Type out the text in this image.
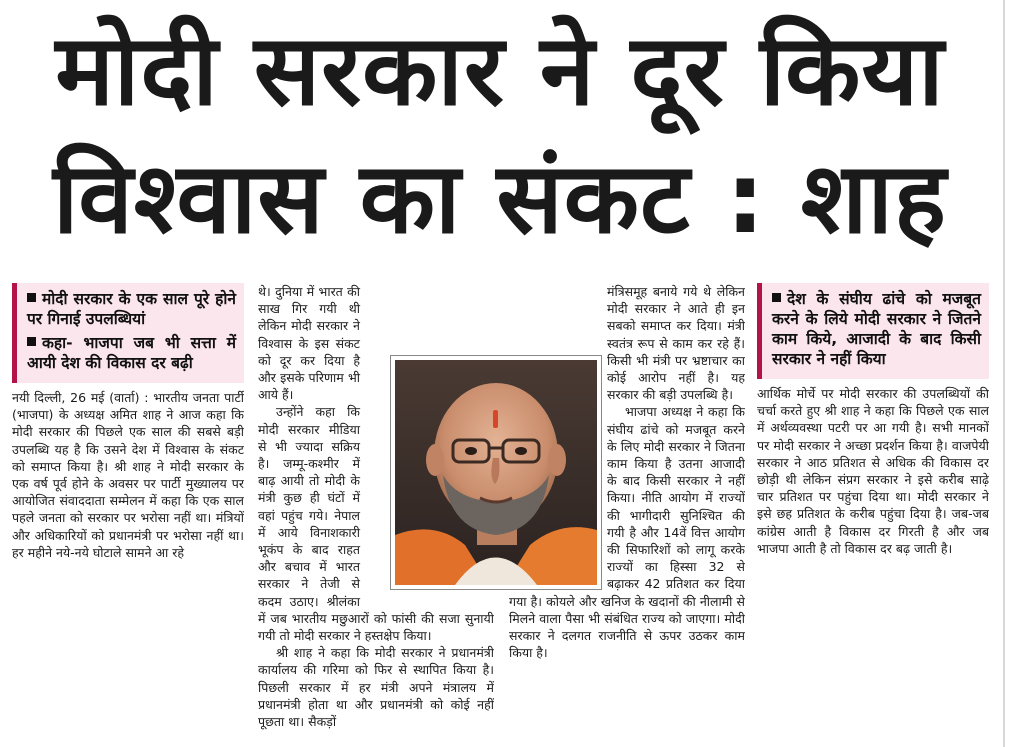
मोदी सरकार ने दूर किया
विश्वास का संकट : शाह
मोदी सरकार के एक साल पूरे होने पर गिनाई उपलब्धियां
कहा- भाजपा जब भी सत्ता में आयी देश की विकास दर बढ़ी

नयी दिल्ली, 26 मई (वार्ता) : भारतीय जनता पार्टी (भाजपा) के अध्यक्ष अमित शाह ने आज कहा कि मोदी सरकार की पिछले एक साल की सबसे बड़ी उपलब्धि यह है कि उसने देश में विश्वास के संकट को समाप्त किया है। श्री शाह ने मोदी सरकार के एक वर्ष पूर्व होने के अवसर पर पार्टी मुख्यालय पर आयोजित संवाददाता सम्मेलन में कहा कि एक साल पहले जनता को सरकार पर भरोसा नहीं था। मंत्रियों और अधिकारियों को प्रधानमंत्री पर भरोसा नहीं था। हर महीने नये-नये घोटाले सामने आ रहे

थे। दुनिया में भारत की साख गिर गयी थी लेकिन मोदी सरकार ने विश्वास के इस संकट को दूर कर दिया है और इसके परिणाम भी आये हैं।

उन्होंने कहा कि मोदी सरकार मीडिया से भी ज्यादा सक्रिय है। जम्मू-कश्मीर में बाढ़ आयी तो मोदी के मंत्री कुछ ही घंटों में वहां पहुंच गये। नेपाल में आये विनाशकारी भूकंप के बाद राहत और बचाव में भारत सरकार ने तेजी से कदम उठाए। श्रीलंका में जब भारतीय मछुआरों को फांसी की सजा सुनायी गयी तो मोदी सरकार ने हस्तक्षेप किया।

श्री शाह ने कहा कि मोदी सरकार ने प्रधानमंत्री कार्यालय की गरिमा को फिर से स्थापित किया है। पिछली सरकार में हर मंत्री अपने मंत्रालय में प्रधानमंत्री होता था और प्रधानमंत्री को कोई नहीं पूछता था। सैकड़ों

मंत्रिसमूह बनाये गये थे लेकिन मोदी सरकार ने आते ही इन सबको समाप्त कर दिया। मंत्री स्वतंत्र रूप से काम कर रहे हैं। किसी भी मंत्री पर भ्रष्टाचार का कोई आरोप नहीं है। यह सरकार की बड़ी उपलब्धि है।

भाजपा अध्यक्ष ने कहा कि संघीय ढांचे को मजबूत करने के लिए मोदी सरकार ने जितना काम किया है उतना आजादी के बाद किसी सरकार ने नहीं किया। नीति आयोग में राज्यों की भागीदारी सुनिश्चित की गयी है और 14वें वित्त आयोग की सिफारिशों को लागू करके राज्यों का हिस्सा 32 से बढ़ाकर 42 प्रतिशत कर दिया गया है। कोयले और खनिज के खदानों की नीलामी से मिलने वाला पैसा भी संबंधित राज्य को जाएगा। मोदी सरकार ने दलगत राजनीति से ऊपर उठकर काम किया है।

देश के संघीय ढांचे को मजबूत करने के लिये मोदी सरकार ने जितने काम किये, आजादी के बाद किसी सरकार ने नहीं किया

आर्थिक मोर्चे पर मोदी सरकार की उपलब्धियों की चर्चा करते हुए श्री शाह ने कहा कि पिछले एक साल में अर्थव्यवस्था पटरी पर आ गयी है। सभी मानकों पर मोदी सरकार ने अच्छा प्रदर्शन किया है। वाजपेयी सरकार ने आठ प्रतिशत से अधिक की विकास दर छोड़ी थी लेकिन संप्रग सरकार ने इसे करीब साढ़े चार प्रतिशत पर पहुंचा दिया था। मोदी सरकार ने इसे छह प्रतिशत के करीब पहुंचा दिया है। जब-जब कांग्रेस आती है विकास दर गिरती है और जब भाजपा आती है तो विकास दर बढ़ जाती है।
